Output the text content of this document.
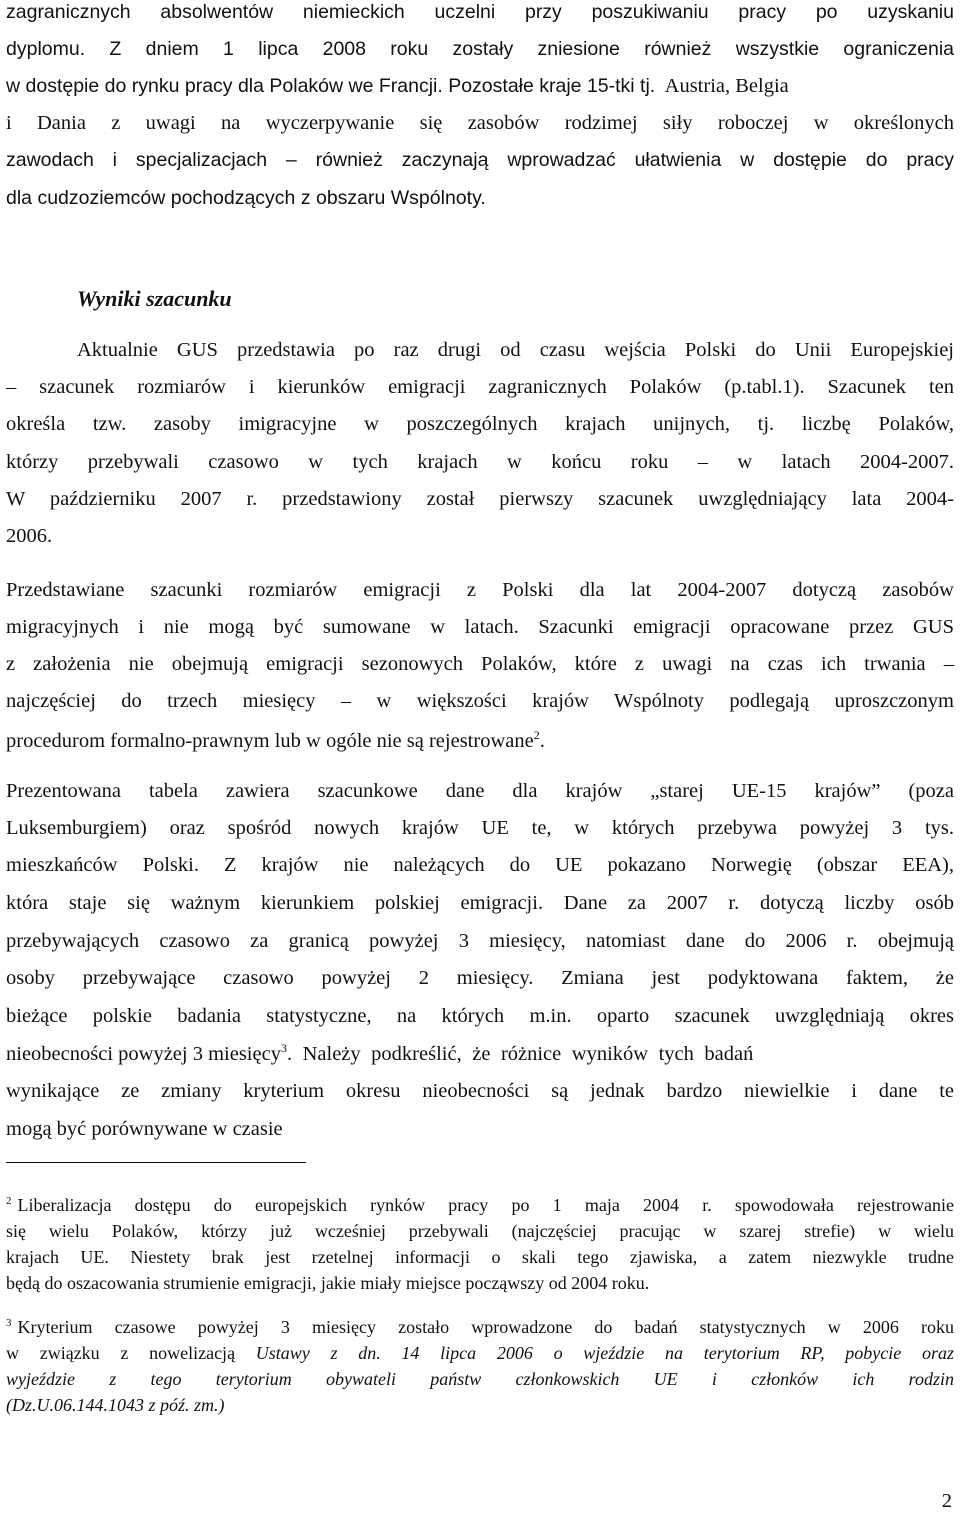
zagranicznych absolwentów niemieckich uczelni przy poszukiwaniu pracy po uzyskaniu
dyplomu. Z dniem 1 lipca 2008 roku zostały zniesione również wszystkie ograniczenia
w dostępie do rynku pracy dla Polaków we Francji. Pozostałe kraje 15-tki tj. Austria, Belgia
i Dania z uwagi na wyczerpywanie się zasobów rodzimej siły roboczej w określonych
zawodach i specjalizacjach – również zaczynają wprowadzać ułatwienia w dostępie do pracy
dla cudzoziemców pochodzących z obszaru Wspólnoty.
Wyniki szacunku
Aktualnie GUS przedstawia po raz drugi od czasu wejścia Polski do Unii Europejskiej
– szacunek rozmiarów i kierunków emigracji zagranicznych Polaków (p.tabl.1). Szacunek ten
określa tzw. zasoby imigracyjne w poszczególnych krajach unijnych, tj. liczbę Polaków,
którzy przebywali czasowo w tych krajach w końcu roku – w latach 2004-2007.
W październiku 2007 r. przedstawiony został pierwszy szacunek uwzględniający lata 2004-
2006.
Przedstawiane szacunki rozmiarów emigracji z Polski dla lat 2004-2007 dotyczą zasobów
migracyjnych i nie mogą być sumowane w latach. Szacunki emigracji opracowane przez GUS
z założenia nie obejmują emigracji sezonowych Polaków, które z uwagi na czas ich trwania –
najczęściej do trzech miesięcy – w większości krajów Wspólnoty podlegają uproszczonym
procedurom formalno-prawnym lub w ogóle nie są rejestrowane$^2$.
Prezentowana tabela zawiera szacunkowe dane dla krajów „starej UE-15 krajów” (poza
Luksemburgiem) oraz spośród nowych krajów UE te, w których przebywa powyżej 3 tys.
mieszkańców Polski. Z krajów nie należących do UE pokazano Norwegię (obszar EEA),
która staje się ważnym kierunkiem polskiej emigracji. Dane za 2007 r. dotyczą liczby osób
przebywających czasowo za granicą powyżej 3 miesięcy, natomiast dane do 2006 r. obejmują
osoby przebywające czasowo powyżej 2 miesięcy. Zmiana jest podyktowana faktem, że
bieżące polskie badania statystyczne, na których m.in. oparto szacunek uwzględniają okres
nieobecności powyżej 3 miesięcy$^3$. Należy podkreślić, że różnice wyników tych badań
wynikające ze zmiany kryterium okresu nieobecności są jednak bardzo niewielkie i dane te
mogą być porównywane w czasie
$^2$ Liberalizacja dostępu do europejskich rynków pracy po 1 maja 2004 r. spowodowała rejestrowanie
się wielu Polaków, którzy już wcześniej przebywali (najczęściej pracując w szarej strefie) w wielu
krajach UE. Niestety brak jest rzetelnej informacji o skali tego zjawiska, a zatem niezwykle trudne
będą do oszacowania strumienie emigracji, jakie miały miejsce począwszy od 2004 roku.
$^3$ Kryterium czasowe powyżej 3 miesięcy zostało wprowadzone do badań statystycznych w 2006 roku
w związku z nowelizacją Ustawy z dn. 14 lipca 2006 o wjeździe na terytorium RP, pobycie oraz
wyjeździe z tego terytorium obywateli państw członkowskich UE i członków ich rodzin
(Dz.U.06.144.1043 z póź. zm.)
2
